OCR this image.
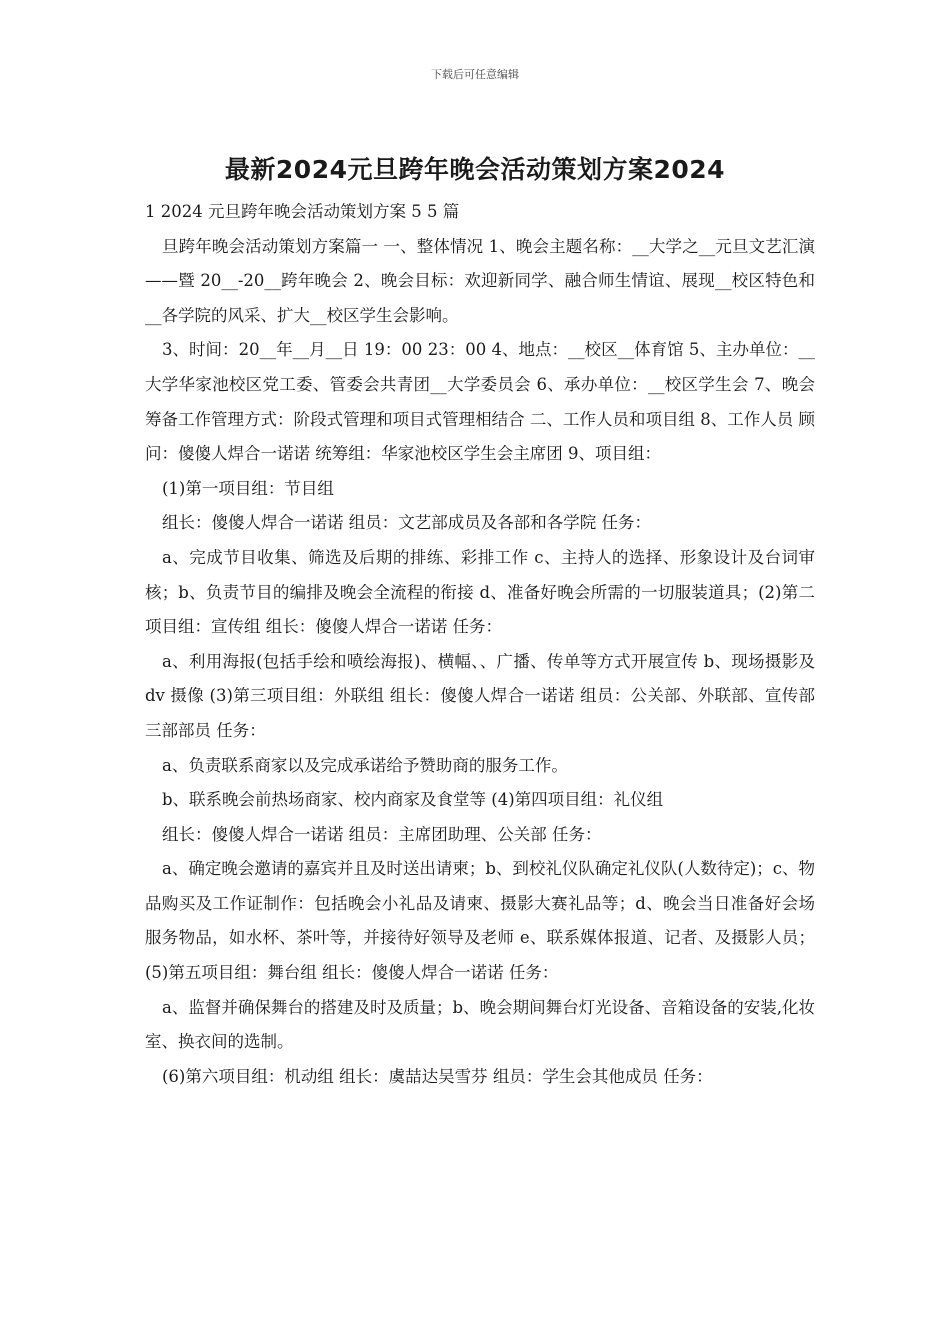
下载后可任意编辑
最新2024元旦跨年晚会活动策划方案2024

1 2024 元旦跨年晚会活动策划方案 5 5 篇

旦跨年晚会活动策划方案篇一 一、整体情况 1、晚会主题名称：__大学之__元旦文艺汇演——暨 20__-20__跨年晚会 2、晚会目标：欢迎新同学、融合师生情谊、展现__校区特色和__各学院的风采、扩大__校区学生会影响。

3、时间：20__年__月__日 19：00 23：00 4、地点：__校区__体育馆 5、主办单位：__大学华家池校区党工委、管委会共青团__大学委员会 6、承办单位：__校区学生会 7、晚会筹备工作管理方式：阶段式管理和项目式管理相结合 二、工作人员和项目组 8、工作人员 顾问：傻傻人焊合一诺诺 统筹组：华家池校区学生会主席团 9、项目组：

(1)第一项目组：节目组

组长：傻傻人焊合一诺诺 组员：文艺部成员及各部和各学院 任务：

a、完成节目收集、筛选及后期的排练、彩排工作 c、主持人的选择、形象设计及台词审核；b、负责节目的编排及晚会全流程的衔接 d、准备好晚会所需的一切服装道具；(2)第二项目组：宣传组 组长：傻傻人焊合一诺诺 任务：

a、利用海报(包括手绘和喷绘海报)、横幅、、广播、传单等方式开展宣传 b、现场摄影及 dv 摄像 (3)第三项目组：外联组 组长：傻傻人焊合一诺诺 组员：公关部、外联部、宣传部三部部员 任务：

a、负责联系商家以及完成承诺给予赞助商的服务工作。

b、联系晚会前热场商家、校内商家及食堂等 (4)第四项目组：礼仪组

组长：傻傻人焊合一诺诺 组员：主席团助理、公关部 任务：

a、确定晚会邀请的嘉宾并且及时送出请柬；b、到校礼仪队确定礼仪队(人数待定)；c、物品购买及工作证制作：包括晚会小礼品及请柬、摄影大赛礼品等；d、晚会当日准备好会场服务物品，如水杯、茶叶等，并接待好领导及老师 e、联系媒体报道、记者、及摄影人员；(5)第五项目组：舞台组 组长：傻傻人焊合一诺诺 任务：

a、监督并确保舞台的搭建及时及质量；b、晚会期间舞台灯光设备、音箱设备的安装,化妆室、换衣间的选制。

(6)第六项目组：机动组 组长：虞喆达吴雪芬 组员：学生会其他成员 任务：
